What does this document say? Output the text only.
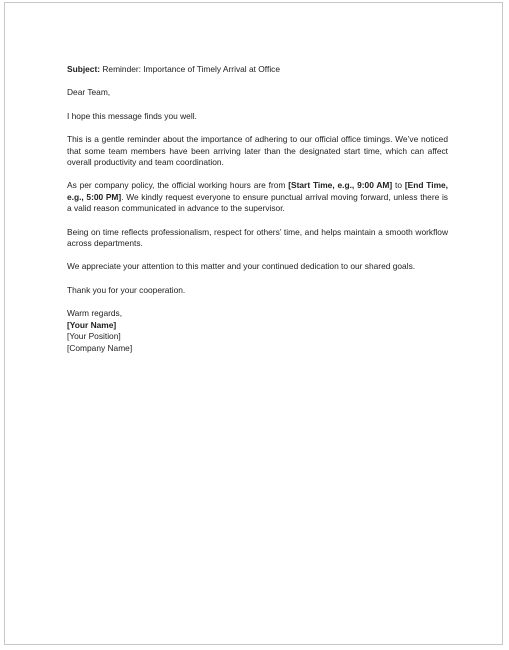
Subject: Reminder: Importance of Timely Arrival at Office

Dear Team,

I hope this message finds you well.

This is a gentle reminder about the importance of adhering to our official office timings. We’ve noticed that some team members have been arriving later than the designated start time, which can affect overall productivity and team coordination.

As per company policy, the official working hours are from [Start Time, e.g., 9:00 AM] to [End Time, e.g., 5:00 PM]. We kindly request everyone to ensure punctual arrival moving forward, unless there is a valid reason communicated in advance to the supervisor.

Being on time reflects professionalism, respect for others’ time, and helps maintain a smooth workflow across departments.

We appreciate your attention to this matter and your continued dedication to our shared goals.

Thank you for your cooperation.

Warm regards,
[Your Name]
[Your Position]
[Company Name]
